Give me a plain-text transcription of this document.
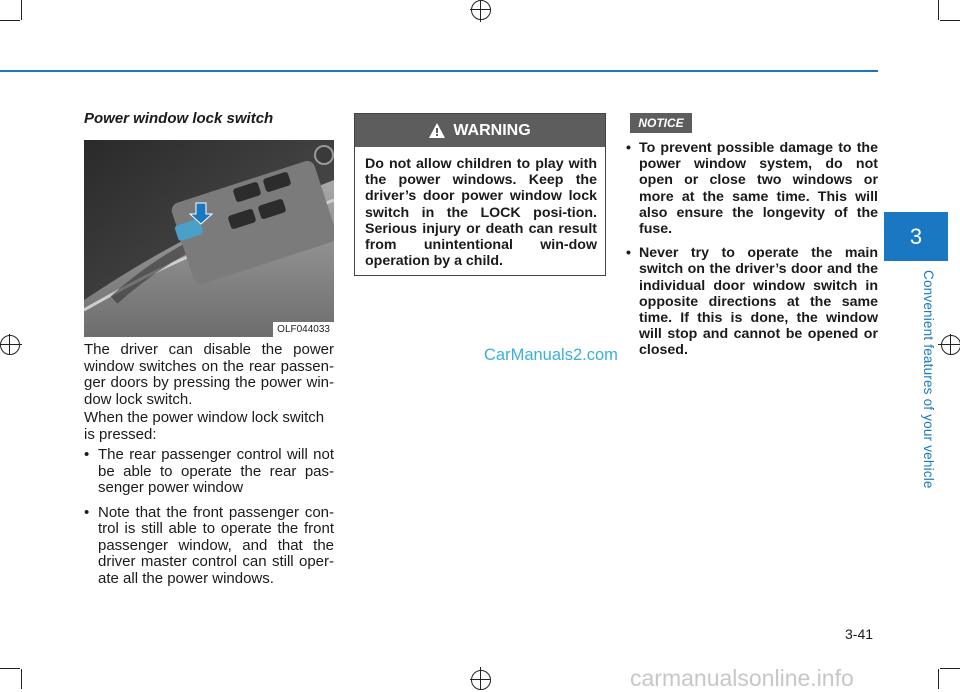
3
Convenient features of your vehicle
Power window lock switch
OLF044033
The driver can disable the power window switches on the rear passen-ger doors by pressing the power win-dow lock switch.
When the power window lock switch is pressed:
• The rear passenger control will not be able to operate the rear pas-senger power window
• Note that the front passenger con-trol is still able to operate the front passenger window, and that the driver master control can still oper-ate all the power windows.
WARNING
Do not allow children to play with the power windows. Keep the driver’s door power window lock switch in the LOCK posi-tion. Serious injury or death can result from unintentional win-dow operation by a child.
NOTICE
• To prevent possible damage to the power window system, do not open or close two windows or more at the same time. This will also ensure the longevity of the fuse.
• Never try to operate the main switch on the driver’s door and the individual door window switch in opposite directions at the same time. If this is done, the window will stop and cannot be opened or closed.
CarManuals2.com
3-41
carmanualsonline.info
